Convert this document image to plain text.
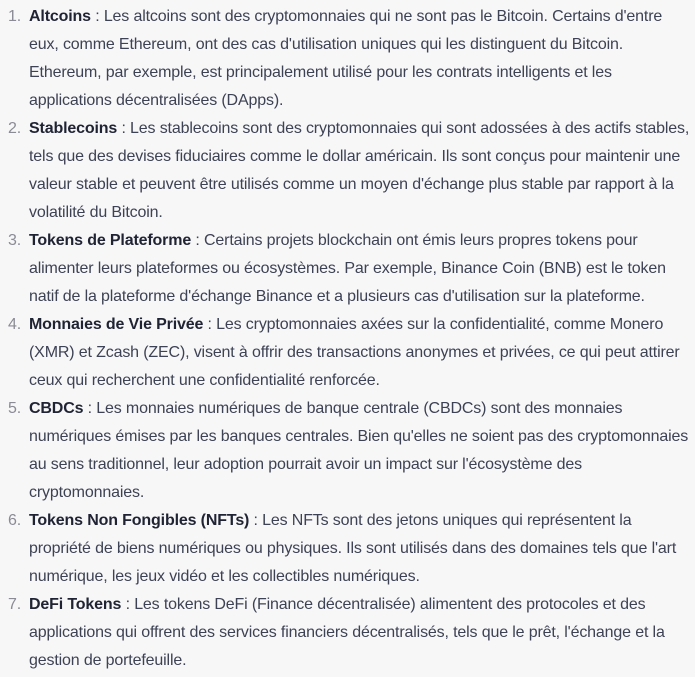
1. Altcoins : Les altcoins sont des cryptomonnaies qui ne sont pas le Bitcoin. Certains d'entre eux, comme Ethereum, ont des cas d'utilisation uniques qui les distinguent du Bitcoin. Ethereum, par exemple, est principalement utilisé pour les contrats intelligents et les applications décentralisées (DApps).
2. Stablecoins : Les stablecoins sont des cryptomonnaies qui sont adossées à des actifs stables, tels que des devises fiduciaires comme le dollar américain. Ils sont conçus pour maintenir une valeur stable et peuvent être utilisés comme un moyen d'échange plus stable par rapport à la volatilité du Bitcoin.
3. Tokens de Plateforme : Certains projets blockchain ont émis leurs propres tokens pour alimenter leurs plateformes ou écosystèmes. Par exemple, Binance Coin (BNB) est le token natif de la plateforme d'échange Binance et a plusieurs cas d'utilisation sur la plateforme.
4. Monnaies de Vie Privée : Les cryptomonnaies axées sur la confidentialité, comme Monero (XMR) et Zcash (ZEC), visent à offrir des transactions anonymes et privées, ce qui peut attirer ceux qui recherchent une confidentialité renforcée.
5. CBDCs : Les monnaies numériques de banque centrale (CBDCs) sont des monnaies numériques émises par les banques centrales. Bien qu'elles ne soient pas des cryptomonnaies au sens traditionnel, leur adoption pourrait avoir un impact sur l'écosystème des cryptomonnaies.
6. Tokens Non Fongibles (NFTs) : Les NFTs sont des jetons uniques qui représentent la propriété de biens numériques ou physiques. Ils sont utilisés dans des domaines tels que l'art numérique, les jeux vidéo et les collectibles numériques.
7. DeFi Tokens : Les tokens DeFi (Finance décentralisée) alimentent des protocoles et des applications qui offrent des services financiers décentralisés, tels que le prêt, l'échange et la gestion de portefeuille.
